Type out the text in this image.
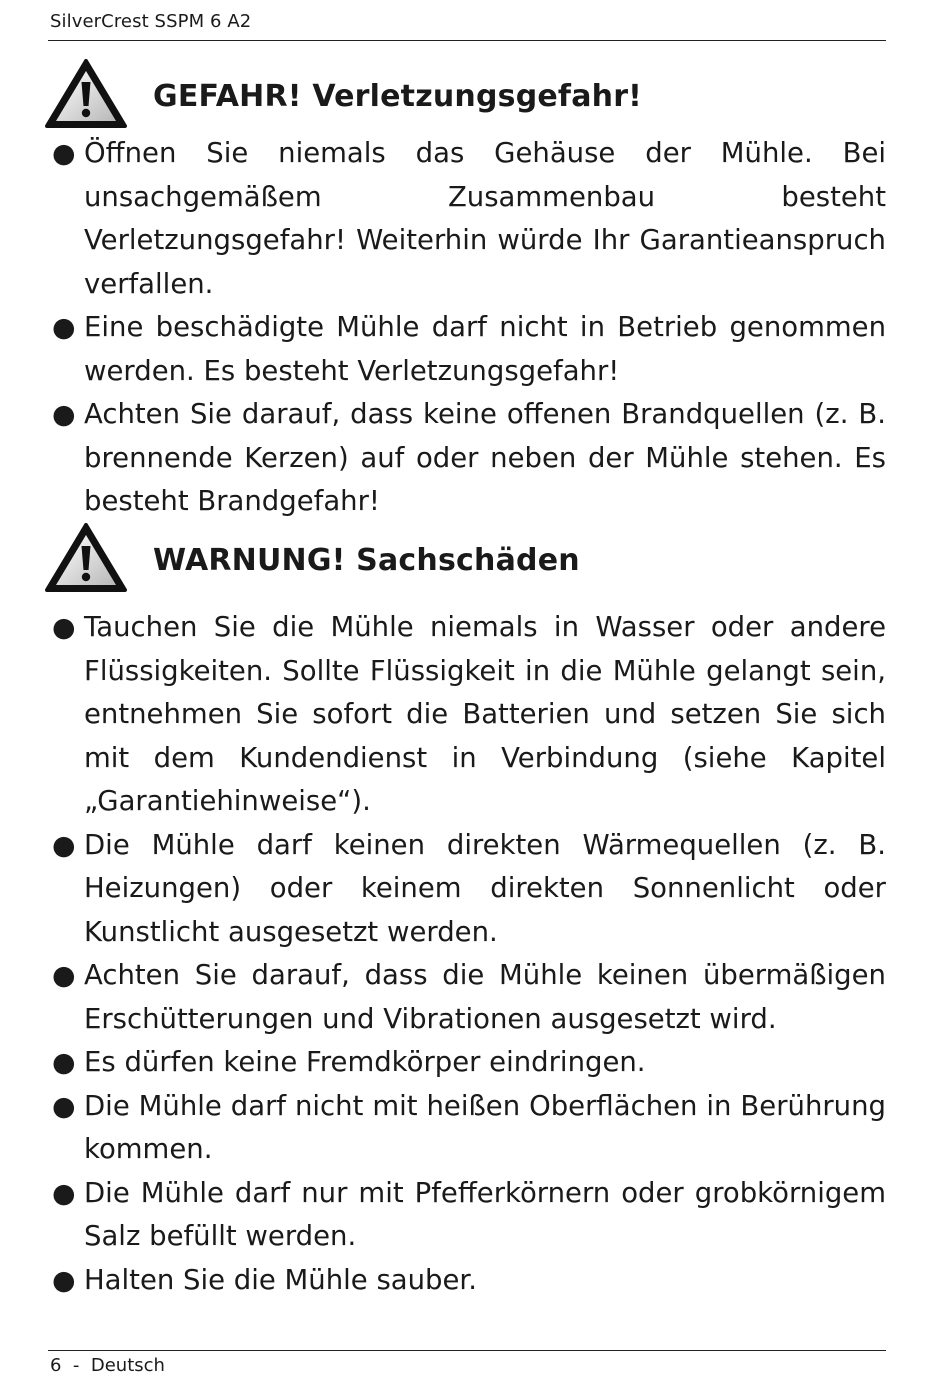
SilverCrest SSPM 6 A2
GEFAHR! Verletzungsgefahr!
● Öffnen Sie niemals das Gehäuse der Mühle. Bei unsachgemäßem Zusammenbau besteht Verletzungsgefahr! Weiterhin würde Ihr Garantieanspruch verfallen.
● Eine beschädigte Mühle darf nicht in Betrieb genommen werden. Es besteht Verletzungsgefahr!
● Achten Sie darauf, dass keine offenen Brandquellen (z. B. brennende Kerzen) auf oder neben der Mühle stehen. Es besteht Brandgefahr!
WARNUNG! Sachschäden
● Tauchen Sie die Mühle niemals in Wasser oder andere Flüssigkeiten. Sollte Flüssigkeit in die Mühle gelangt sein, entnehmen Sie sofort die Batterien und setzen Sie sich mit dem Kundendienst in Verbindung (siehe Kapitel „Garantiehinweise“).
● Die Mühle darf keinen direkten Wärmequellen (z. B. Heizungen) oder keinem direkten Sonnenlicht oder Kunstlicht ausgesetzt werden.
● Achten Sie darauf, dass die Mühle keinen übermäßigen Erschütterungen und Vibrationen ausgesetzt wird.
● Es dürfen keine Fremdkörper eindringen.
● Die Mühle darf nicht mit heißen Oberflächen in Berührung kommen.
● Die Mühle darf nur mit Pfefferkörnern oder grobkörnigem Salz befüllt werden.
● Halten Sie die Mühle sauber.
6 - Deutsch
